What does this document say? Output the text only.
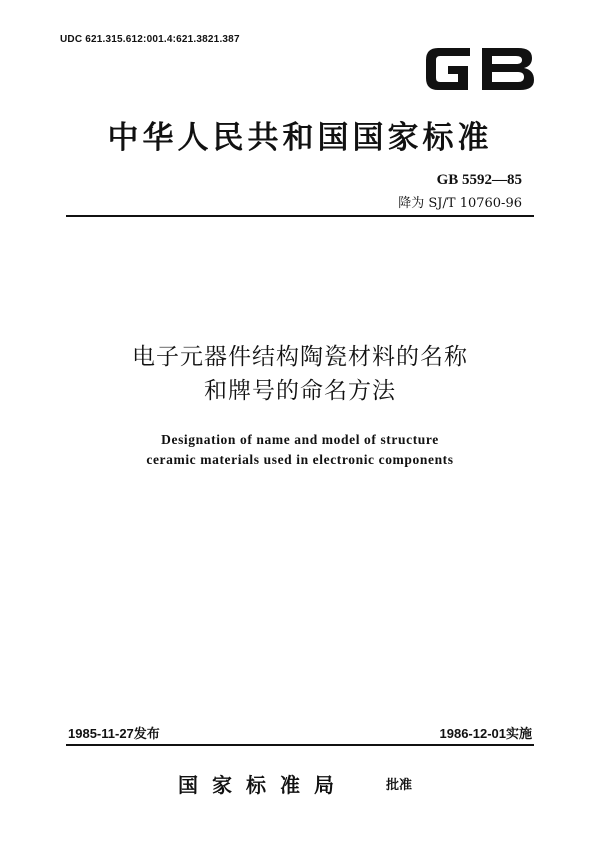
UDC 621.315.612:001.4:621.3821.387
中华人民共和国国家标准
GB 5592—85
降为 SJ/T 10760-96
电子元器件结构陶瓷材料的名称
和牌号的命名方法
Designation of name and model of structure
ceramic materials used in electronic components
1985-11-27发布	1986-12-01实施
国家标准局	批准
